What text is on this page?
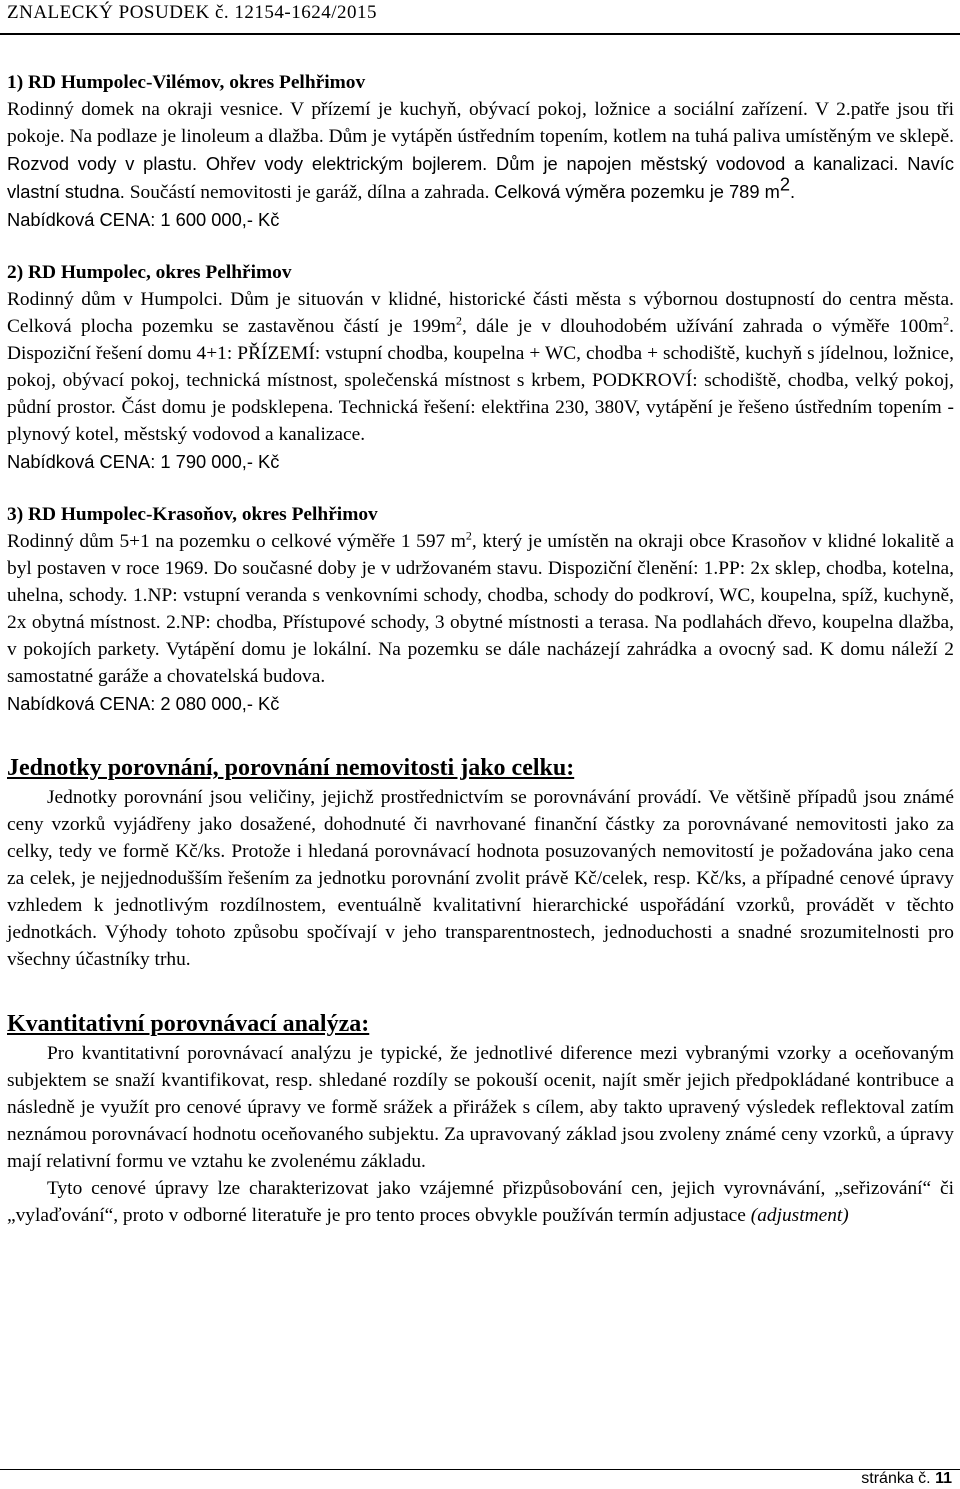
ZNALECKÝ POSUDEK č. 12154-1624/2015
1) RD Humpolec-Vilémov, okres Pelhřimov

Rodinný domek na okraji vesnice. V přízemí je kuchyň, obývací pokoj, ložnice a sociální zařízení. V 2.patře jsou tři pokoje. Na podlaze je linoleum a dlažba. Dům je vytápěn ústředním topením, kotlem na tuhá paliva umístěným ve sklepě. Rozvod vody v plastu. Ohřev vody elektrickým bojlerem. Dům je napojen městský vodovod a kanalizaci. Navíc vlastní studna. Součástí nemovitosti je garáž, dílna a zahrada. Celková výměra pozemku je 789 $m^2$.

Nabídková CENA: 1 600 000,- Kč

2) RD Humpolec, okres Pelhřimov

Rodinný dům v Humpolci. Dům je situován v klidné, historické části města s výbornou dostupností do centra města. Celková plocha pozemku se zastavěnou částí je $199m^2$, dále je v dlouhodobém užívání zahrada o výměře $100m^2$. Dispoziční řešení domu 4+1: PŘÍZEMÍ: vstupní chodba, koupelna + WC, chodba + schodiště, kuchyň s jídelnou, ložnice, pokoj, obývací pokoj, technická místnost, společenská místnost s krbem, PODKROVÍ: schodiště, chodba, velký pokoj, půdní prostor. Část domu je podsklepena. Technická řešení: elektřina 230, 380V, vytápění je řešeno ústředním topením - plynový kotel, městský vodovod a kanalizace.

Nabídková CENA: 1 790 000,- Kč

3) RD Humpolec-Krasoňov, okres Pelhřimov

Rodinný dům 5+1 na pozemku o celkové výměře 1 597 $m^2$, který je umístěn na okraji obce Krasoňov v klidné lokalitě a byl postaven v roce 1969. Do současné doby je v udržovaném stavu. Dispoziční členění: 1.PP: 2x sklep, chodba, kotelna, uhelna, schody. 1.NP: vstupní veranda s venkovními schody, chodba, schody do podkroví, WC, koupelna, spíž, kuchyně, 2x obytná místnost. 2.NP: chodba, Přístupové schody, 3 obytné místnosti a terasa. Na podlahách dřevo, koupelna dlažba, v pokojích parkety. Vytápění domu je lokální. Na pozemku se dále nacházejí zahrádka a ovocný sad. K domu náleží 2 samostatné garáže a chovatelská budova.

Nabídková CENA: 2 080 000,- Kč

Jednotky porovnání, porovnání nemovitosti jako celku:

Jednotky porovnání jsou veličiny, jejichž prostřednictvím se porovnávání provádí. Ve většině případů jsou známé ceny vzorků vyjádřeny jako dosažené, dohodnuté či navrhované finanční částky za porovnávané nemovitosti jako za celky, tedy ve formě Kč/ks. Protože i hledaná porovnávací hodnota posuzovaných nemovitostí je požadována jako cena za celek, je nejjednodušším řešením za jednotku porovnání zvolit právě Kč/celek, resp. Kč/ks, a případné cenové úpravy vzhledem k jednotlivým rozdílnostem, eventuálně kvalitativní hierarchické uspořádání vzorků, provádět v těchto jednotkách. Výhody tohoto způsobu spočívají v jeho transparentnostech, jednoduchosti a snadné srozumitelnosti pro všechny účastníky trhu.

Kvantitativní porovnávací analýza:

Pro kvantitativní porovnávací analýzu je typické, že jednotlivé diference mezi vybranými vzorky a oceňovaným subjektem se snaží kvantifikovat, resp. shledané rozdíly se pokouší ocenit, najít směr jejich předpokládané kontribuce a následně je využít pro cenové úpravy ve formě srážek a přirážek s cílem, aby takto upravený výsledek reflektoval zatím neznámou porovnávací hodnotu oceňovaného subjektu. Za upravovaný základ jsou zvoleny známé ceny vzorků, a úpravy mají relativní formu ve vztahu ke zvolenému základu.

Tyto cenové úpravy lze charakterizovat jako vzájemné přizpůsobování cen, jejich vyrovnávání, „seřizování“ či „vylaďování“, proto v odborné literatuře je pro tento proces obvykle používán termín adjustace (adjustment)

stránka č. 11
